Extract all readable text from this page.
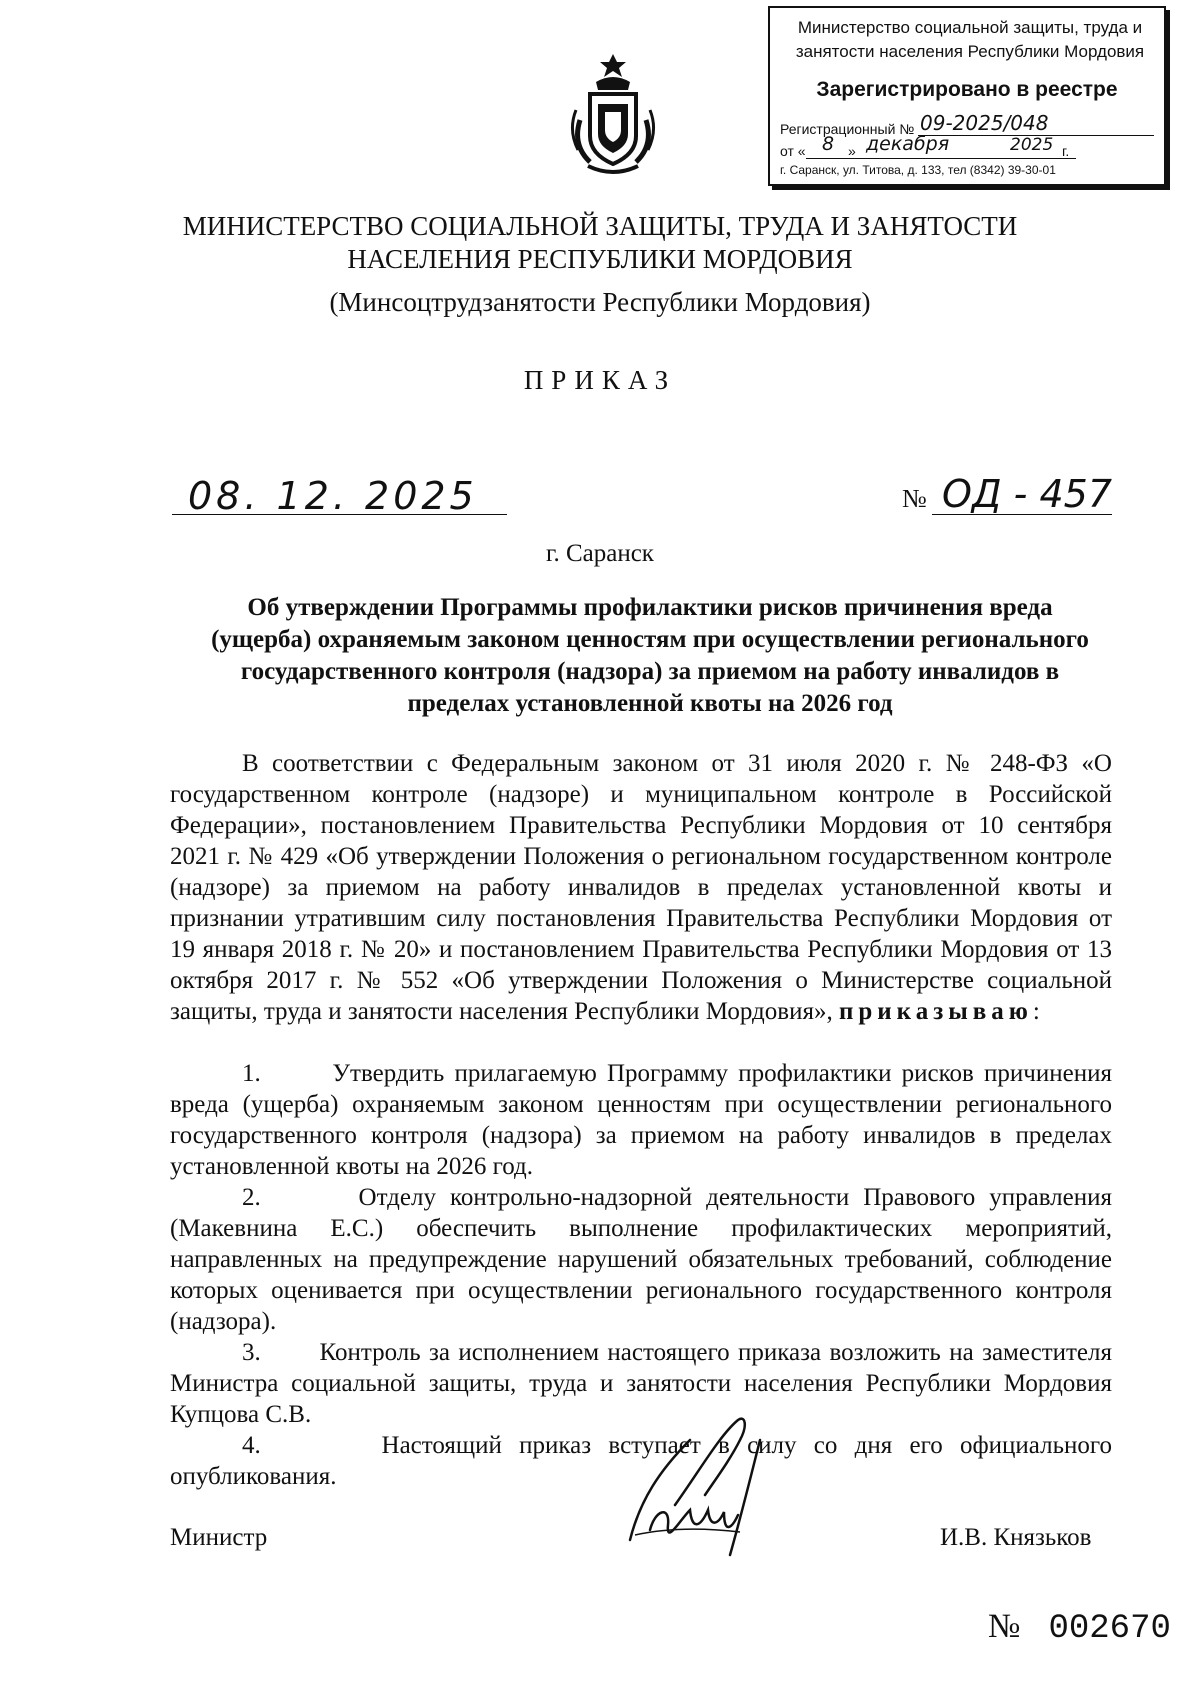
Министерство социальной защиты, труда и
занятости населения Республики Мордовия
Зарегистрировано в реестре
Регистрационный № 09-2025/048
от « 8 » декабря	2025 г.
г. Саранск, ул. Титова, д. 133, тел (8342) 39-30-01
МИНИСТЕРСТВО СОЦИАЛЬНОЙ ЗАЩИТЫ, ТРУДА И ЗАНЯТОСТИ
НАСЕЛЕНИЯ РЕСПУБЛИКИ МОРДОВИЯ
(Минсоцтрудзанятости Республики Мордовия)
ПРИКАЗ
08. 12. 2025	№ ОД - 457
г. Саранск
Об утверждении Программы профилактики рисков причинения вреда (ущерба) охраняемым законом ценностям при осуществлении регионального государственного контроля (надзора) за приемом на работу инвалидов в пределах установленной квоты на 2026 год
В соответствии с Федеральным законом от 31 июля 2020 г. № 248-ФЗ «О государственном контроле (надзоре) и муниципальном контроле в Российской Федерации», постановлением Правительства Республики Мордовия от 10 сентября 2021 г. № 429 «Об утверждении Положения о региональном государственном контроле (надзоре) за приемом на работу инвалидов в пределах установленной квоты и признании утратившим силу постановления Правительства Республики Мордовия от 19 января 2018 г. № 20» и постановлением Правительства Республики Мордовия от 13 октября 2017 г. № 552 «Об утверждении Положения о Министерстве социальной защиты, труда и занятости населения Республики Мордовия», приказываю:
1.	Утвердить прилагаемую Программу профилактики рисков причинения вреда (ущерба) охраняемым законом ценностям при осуществлении регионального государственного контроля (надзора) за приемом на работу инвалидов в пределах установленной квоты на 2026 год.
2.	Отделу контрольно-надзорной деятельности Правового управления (Макевнина Е.С.) обеспечить выполнение профилактических мероприятий, направленных на предупреждение нарушений обязательных требований, соблюдение которых оценивается при осуществлении регионального государственного контроля (надзора).
3. Контроль за исполнением настоящего приказа возложить на заместителя Министра социальной защиты, труда и занятости населения Республики Мордовия Купцова С.В.
4.	Настоящий приказ вступает в силу со дня его официального опубликования.
Министр	И.В. Князьков
№ 002670
